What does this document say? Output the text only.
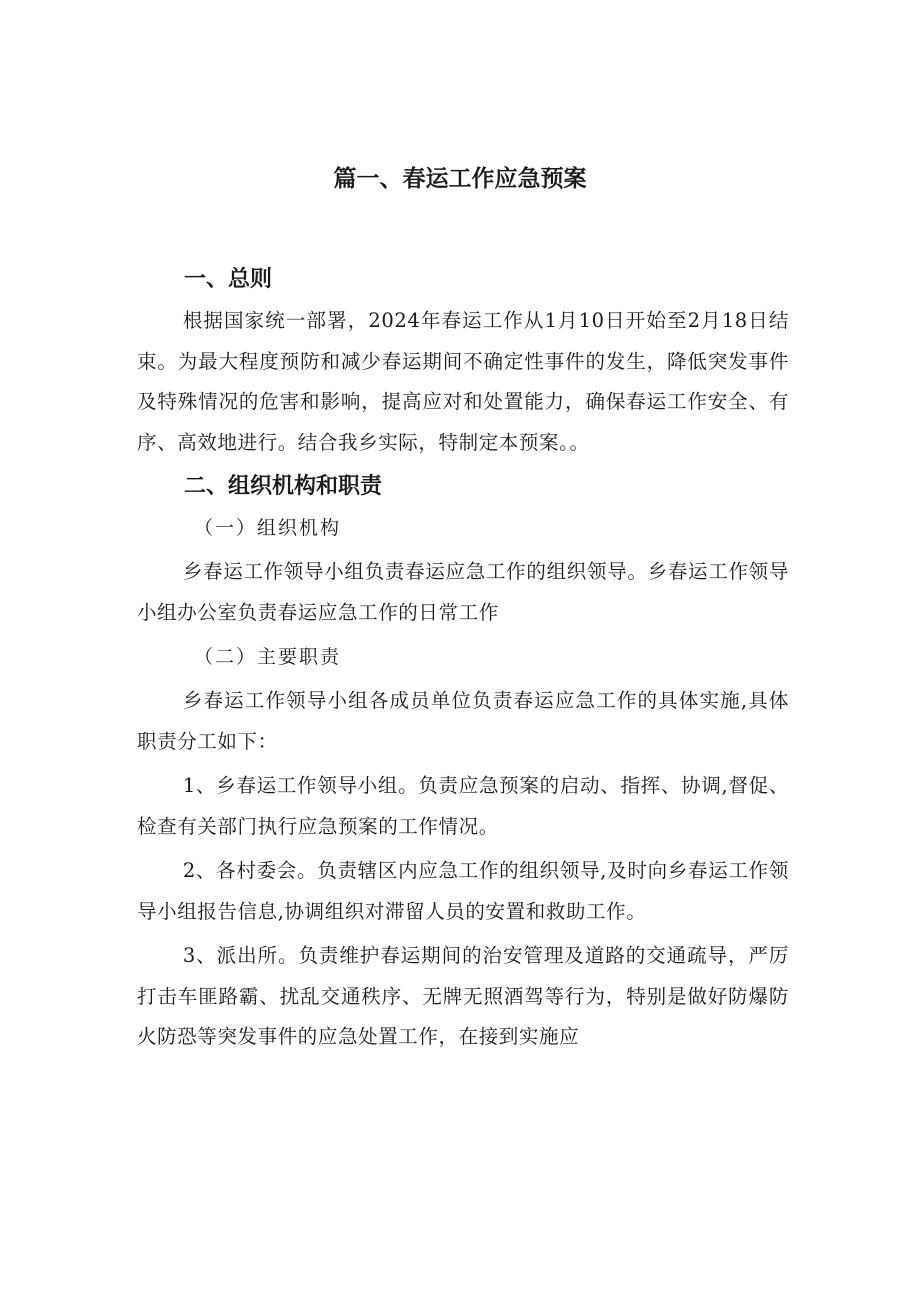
篇一、春运工作应急预案
一、总则

根据国家统一部署，2024年春运工作从1月10日开始至2月18日结束。为最大程度预防和减少春运期间不确定性事件的发生，降低突发事件及特殊情况的危害和影响，提高应对和处置能力，确保春运工作安全、有序、高效地进行。结合我乡实际，特制定本预案。。

二、组织机构和职责
（一）组织机构

乡春运工作领导小组负责春运应急工作的组织领导。乡春运工作领导小组办公室负责春运应急工作的日常工作

（二）主要职责

乡春运工作领导小组各成员单位负责春运应急工作的具体实施,具体职责分工如下：

1、乡春运工作领导小组。负责应急预案的启动、指挥、协调,督促、检查有关部门执行应急预案的工作情况。

2、各村委会。负责辖区内应急工作的组织领导,及时向乡春运工作领导小组报告信息,协调组织对滞留人员的安置和救助工作。

3、派出所。负责维护春运期间的治安管理及道路的交通疏导，严厉打击车匪路霸、扰乱交通秩序、无牌无照酒驾等行为，特别是做好防爆防火防恐等突发事件的应急处置工作，在接到实施应
